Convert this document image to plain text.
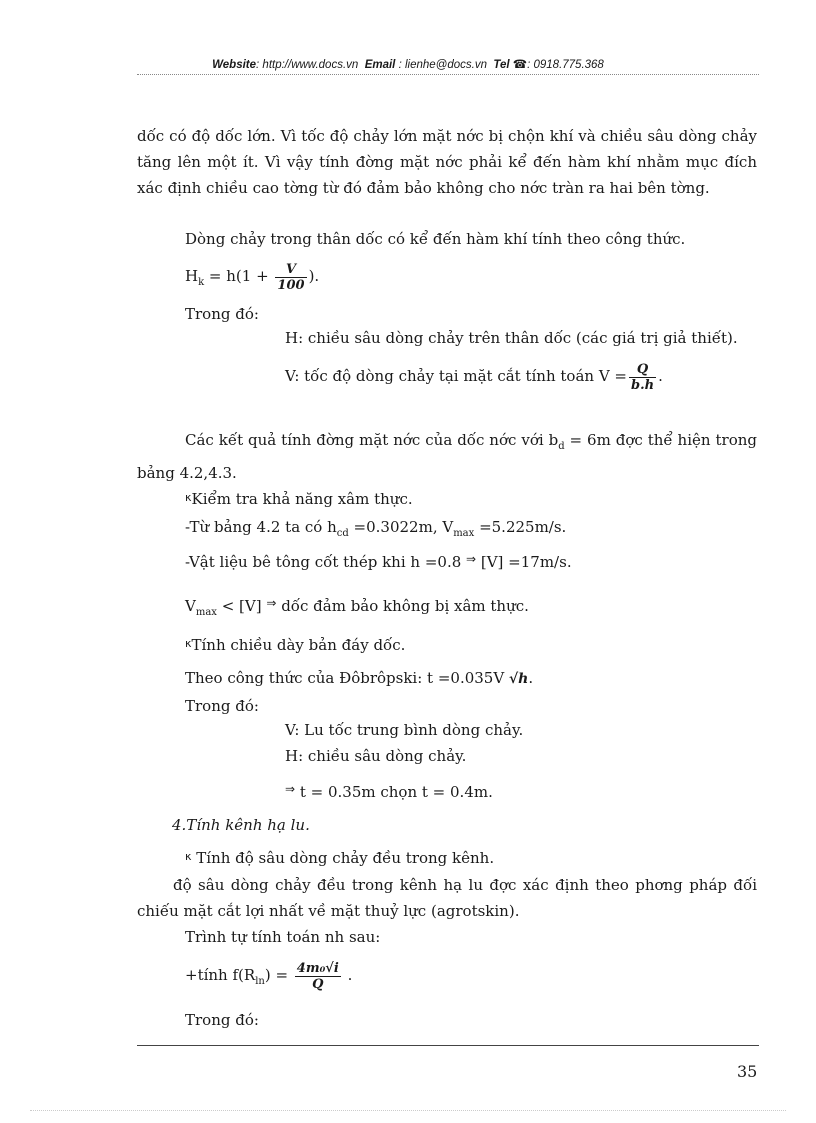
Website: http://www.docs.vn Email : lienhe@docs.vn Tel ☎: 0918.775.368
dốc có độ dốc lớn. Vì tốc độ chảy lớn mặt nớc bị chộn khí và chiều sâu dòng chảy tăng lên một ít. Vì vậy tính đờng mặt nớc phải kể đến hàm khí nhằm mục đích xác định chiều cao tờng từ đó đảm bảo không cho nớc tràn ra hai bên tờng.
Dòng chảy trong thân dốc có kể đến hàm khí tính theo công thức.
$H_k = h(1 + \frac{V}{100}$ ).
Trong đó:
H: chiều sâu dòng chảy trên thân dốc (các giá trị giả thiết).
V: tốc độ dòng chảy tại mặt cắt tính toán $V = \frac{Q}{b.h}$ .
Các kết quả tính đờng mặt nớc của dốc nớc với $b_d = 6m$ đợc thể hiện trong bảng 4.2,4.3.
$^\kappa$Kiểm tra khả năng xâm thực.
-Từ bảng 4.2 ta có $h_{cd} =0.3022m$, $V_{max} =5.225m/s$.
-Vật liệu bê tông cốt thép khi h =0.8 ⇒ [V] =17m/s.
$V_{max} < [V]$ ⇒ dốc đảm bảo không bị xâm thực.
$^\kappa$Tính chiều dày bản đáy dốc.
Theo công thức của Đôbrôpski: t =0.035V √h.
Trong đó:
V: Lu tốc trung bình dòng chảy.
H: chiều sâu dòng chảy.
⇒ t = 0.35m chọn t = 0.4m.
4.Tính kênh hạ lu.
$^\kappa$ Tính độ sâu dòng chảy đều trong kênh.
độ sâu dòng chảy đều trong kênh hạ lu đợc xác định theo phơng pháp đối chiếu mặt cắt lợi nhất về mặt thuỷ lực (agrotskin).
Trình tự tính toán nh sau:
+tính $f(R_{ln}) = \frac{\text{4m₀√i}}{Q}$ .
Trong đó:
35
